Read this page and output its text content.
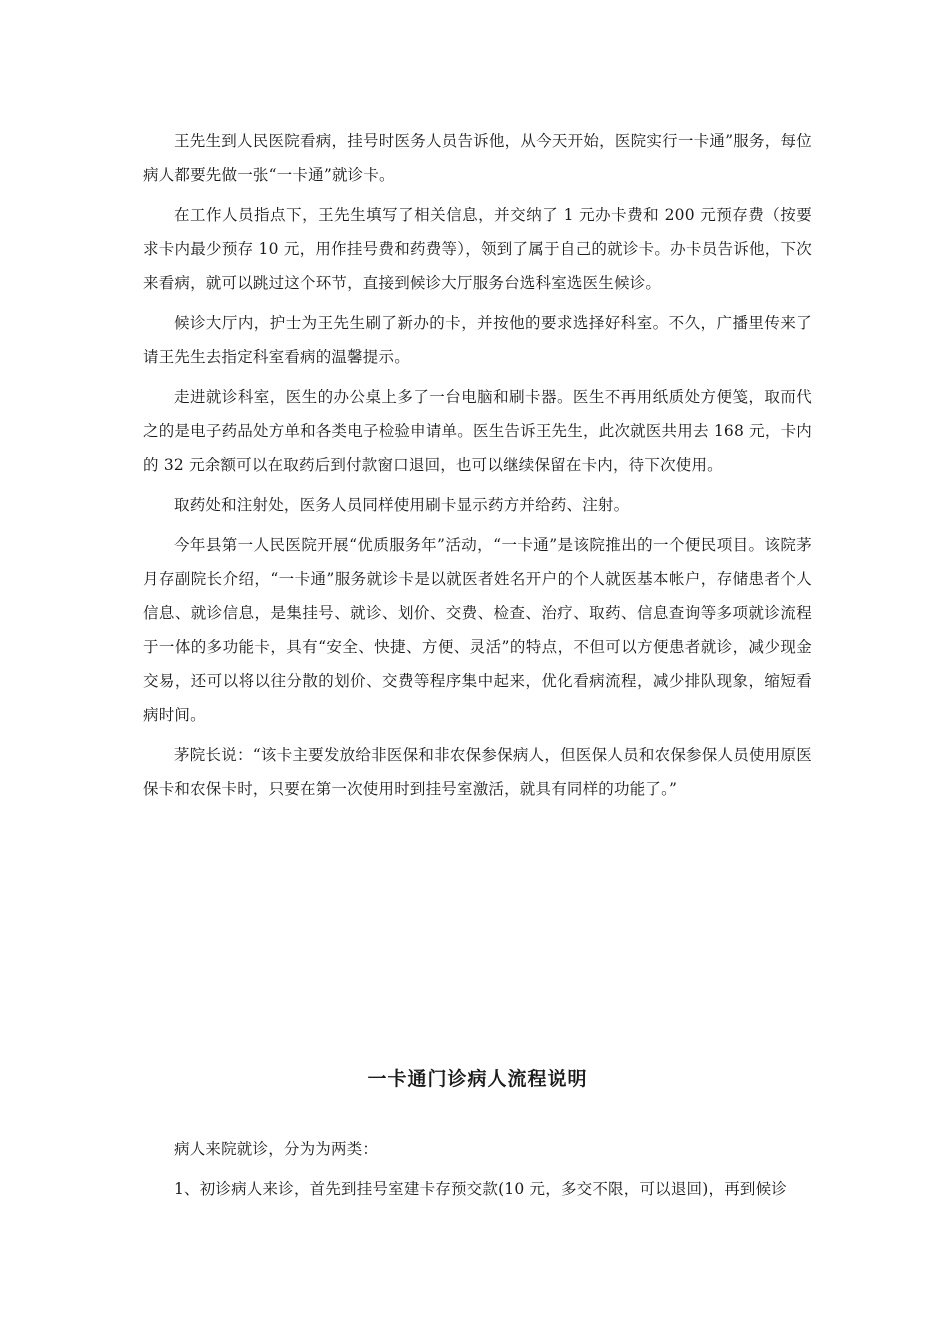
王先生到人民医院看病，挂号时医务人员告诉他，从今天开始，医院实行一卡通”服务，每位病人都要先做一张“一卡通”就诊卡。

在工作人员指点下，王先生填写了相关信息，并交纳了 1 元办卡费和 200 元预存费（按要求卡内最少预存 10 元，用作挂号费和药费等），领到了属于自己的就诊卡。办卡员告诉他，下次来看病，就可以跳过这个环节，直接到候诊大厅服务台选科室选医生候诊。

候诊大厅内，护士为王先生刷了新办的卡，并按他的要求选择好科室。不久，广播里传来了请王先生去指定科室看病的温馨提示。

走进就诊科室，医生的办公桌上多了一台电脑和刷卡器。医生不再用纸质处方便笺，取而代之的是电子药品处方单和各类电子检验申请单。医生告诉王先生，此次就医共用去 168 元，卡内的 32 元余额可以在取药后到付款窗口退回，也可以继续保留在卡内，待下次使用。

取药处和注射处，医务人员同样使用刷卡显示药方并给药、注射。

今年县第一人民医院开展“优质服务年”活动，“一卡通”是该院推出的一个便民项目。该院茅月存副院长介绍，“一卡通”服务就诊卡是以就医者姓名开户的个人就医基本帐户，存储患者个人信息、就诊信息，是集挂号、就诊、划价、交费、检查、治疗、取药、信息查询等多项就诊流程于一体的多功能卡，具有“安全、快捷、方便、灵活”的特点，不但可以方便患者就诊，减少现金交易，还可以将以往分散的划价、交费等程序集中起来，优化看病流程，减少排队现象，缩短看病时间。

茅院长说：“该卡主要发放给非医保和非农保参保病人，但医保人员和农保参保人员使用原医保卡和农保卡时，只要在第一次使用时到挂号室激活，就具有同样的功能了。”

一卡通门诊病人流程说明

病人来院就诊，分为为两类：

1、初诊病人来诊，首先到挂号室建卡存预交款(10 元，多交不限，可以退回)，再到候诊
